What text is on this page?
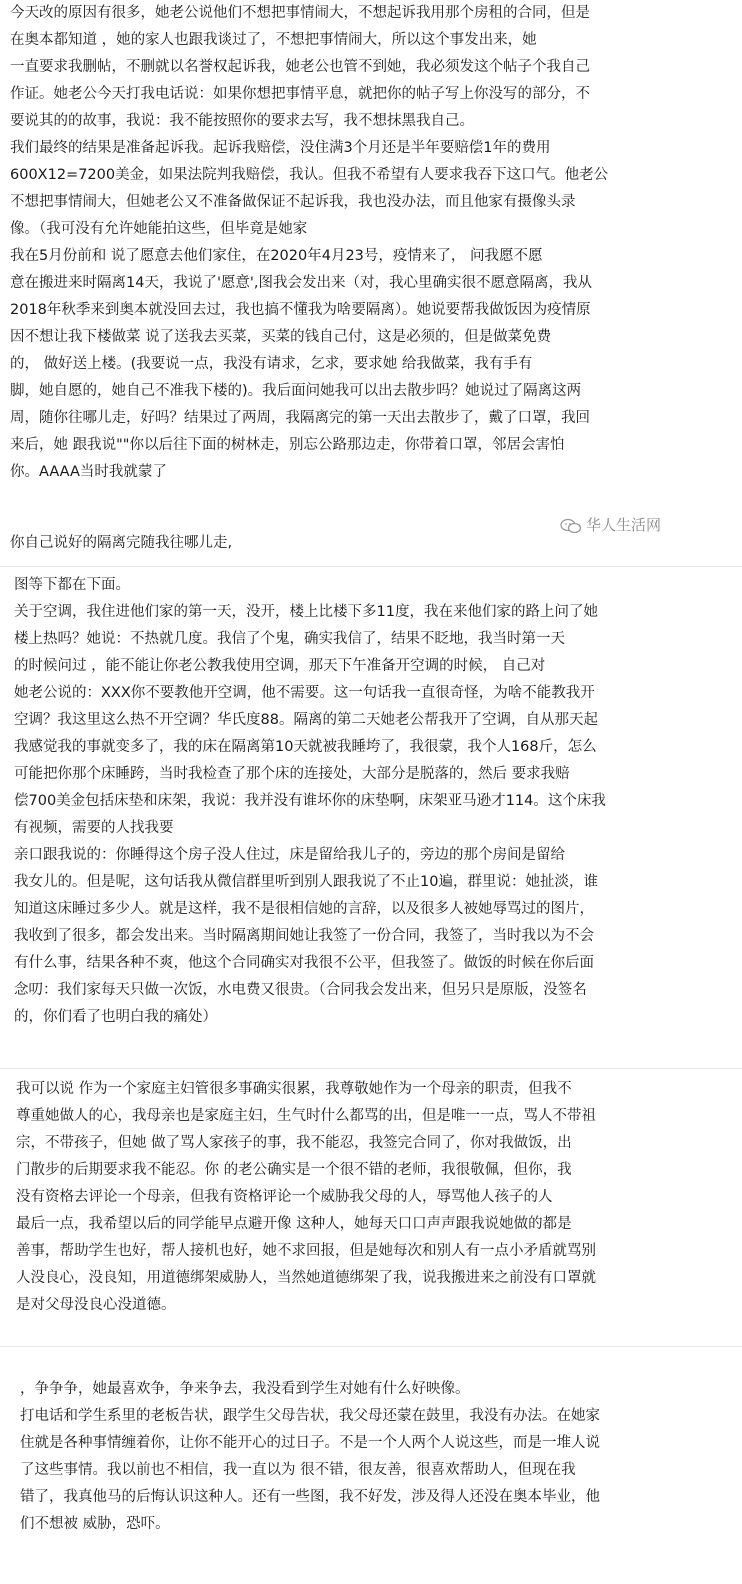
今天改的原因有很多，她老公说他们不想把事情闹大，不想起诉我用那个房租的合同，但是
在奥本都知道 ，她的家人也跟我谈过了，不想把事情闹大，所以这个事发出来，她
一直要求我删帖，不删就以名誉权起诉我，她老公也管不到她，我必须发这个帖子个我自己
作证。她老公今天打我电话说：如果你想把事情平息，就把你的帖子写上你没写的部分，不
要说其的的故事，我说：我不能按照你的要求去写，我不想抹黑我自己。
我们最终的结果是准备起诉我。起诉我赔偿，没住满3个月还是半年要赔偿1年的费用
600X12=7200美金，如果法院判我赔偿，我认。但我不希望有人要求我吞下这口气。他老公
不想把事情闹大，但她老公又不准备做保证不起诉我，我也没办法，而且他家有摄像头录
像。（我可没有允许她能拍这些，但毕竟是她家
我在5月份前和 说了愿意去他们家住，在2020年4月23号，疫情来了， 问我愿不愿
意在搬进来时隔离14天，我说了'愿意',图我会发出来（对，我心里确实很不愿意隔离，我从
2018年秋季来到奥本就没回去过，我也搞不懂我为啥要隔离）。她说要帮我做饭因为疫情原
因不想让我下楼做菜 说了送我去买菜，买菜的钱自己付，这是必须的，但是做菜免费
的， 做好送上楼。(我要说一点，我没有请求，乞求，要求她 给我做菜，我有手有
脚，她自愿的，她自己不准我下楼的)。我后面问她我可以出去散步吗？她说过了隔离这两
周，随你往哪儿走，好吗？结果过了两周，我隔离完的第一天出去散步了，戴了口罩，我回
来后，她 跟我说""你以后往下面的树林走，别忘公路那边走，你带着口罩，邻居会害怕
你。AAAA当时我就蒙了
华人生活网
你自己说好的隔离完随我往哪儿走,
图等下都在下面。
关于空调，我住进他们家的第一天，没开，楼上比楼下多11度，我在来他们家的路上问了她
楼上热吗？她说：不热就几度。我信了个鬼，确实我信了，结果不眨地，我当时第一天
的时候问过 ，能不能让你老公教我使用空调，那天下午准备开空调的时候， 自己对
她老公说的：XXX你不要教他开空调，他不需要。这一句话我一直很奇怪，为啥不能教我开
空调？我这里这么热不开空调？华氏度88。隔离的第二天她老公帮我开了空调，自从那天起
我感觉我的事就变多了，我的床在隔离第10天就被我睡垮了，我很蒙，我个人168斤，怎么
可能把你那个床睡跨，当时我检查了那个床的连接处，大部分是脱落的，然后 要求我赔
偿700美金包括床垫和床架，我说：我并没有谁坏你的床垫啊，床架亚马逊才114。这个床我
有视频，需要的人找我要
亲口跟我说的：你睡得这个房子没人住过，床是留给我儿子的，旁边的那个房间是留给
我女儿的。但是呢，这句话我从微信群里听到别人跟我说了不止10遍，群里说：她扯淡，谁
知道这床睡过多少人。就是这样，我不是很相信她的言辞，以及很多人被她辱骂过的图片，
我收到了很多，都会发出来。当时隔离期间她让我签了一份合同，我签了，当时我以为不会
有什么事，结果各种不爽，他这个合同确实对我很不公平，但我签了。做饭的时候在你后面
念叨：我们家每天只做一次饭，水电费又很贵。（合同我会发出来，但另只是原版，没签名
的，你们看了也明白我的痛处）
我可以说 作为一个家庭主妇管很多事确实很累，我尊敬她作为一个母亲的职责，但我不
尊重她做人的心，我母亲也是家庭主妇，生气时什么都骂的出，但是唯一一点，骂人不带祖
宗，不带孩子，但她 做了骂人家孩子的事，我不能忍，我签完合同了，你对我做饭，出
门散步的后期要求我不能忍。你 的老公确实是一个很不错的老师，我很敬佩，但你，我
没有资格去评论一个母亲，但我有资格评论一个威胁我父母的人，辱骂他人孩子的人
最后一点，我希望以后的同学能早点避开像 这种人，她每天口口声声跟我说她做的都是
善事，帮助学生也好，帮人接机也好，她不求回报，但是她每次和别人有一点小矛盾就骂别
人没良心，没良知，用道德绑架威胁人，当然她道德绑架了我，说我搬进来之前没有口罩就
是对父母没良心没道德。
，争争争，她最喜欢争，争来争去，我没看到学生对她有什么好映像。
打电话和学生系里的老板告状，跟学生父母告状，我父母还蒙在鼓里，我没有办法。在她家
住就是各种事情缠着你，让你不能开心的过日子。不是一个人两个人说这些，而是一堆人说
了这些事情。我以前也不相信，我一直以为 很不错，很友善，很喜欢帮助人，但现在我
错了，我真他马的后悔认识这种人。还有一些图，我不好发，涉及得人还没在奥本毕业，他
们不想被 威胁，恐吓。
